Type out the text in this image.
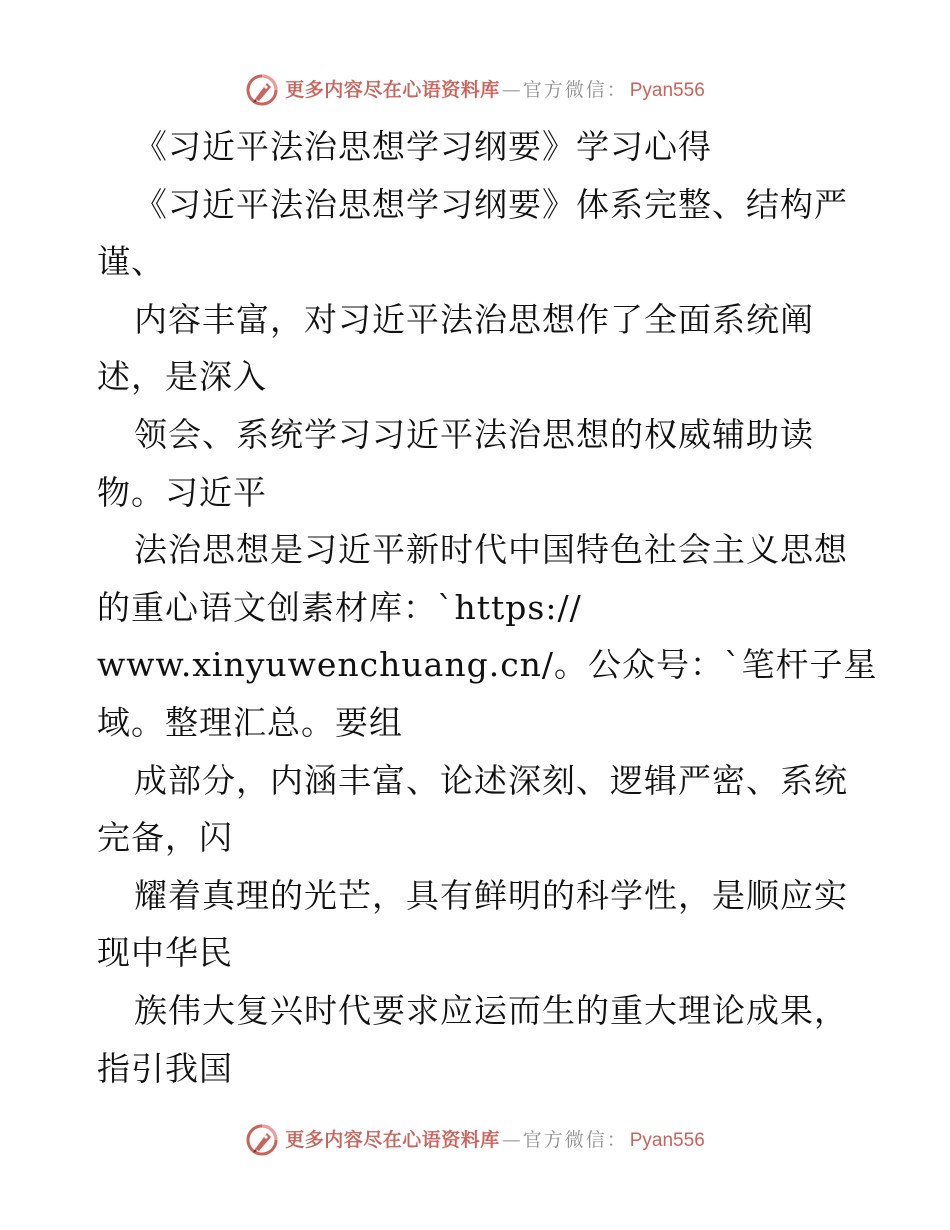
更多内容尽在心语资料库 — 官方微信： Pyan556
《习近平法治思想学习纲要》学习心得
《习近平法治思想学习纲要》体系完整、结构严
谨、
内容丰富，对习近平法治思想作了全面系统阐
述，是深入
领会、系统学习习近平法治思想的权威辅助读
物。习近平
法治思想是习近平新时代中国特色社会主义思想
的重心语文创素材库：`https://
www.xinyuwenchuang.cn/。公众号：`笔杆子星
域。整理汇总。要组
成部分，内涵丰富、论述深刻、逻辑严密、系统
完备，闪
耀着真理的光芒，具有鲜明的科学性，是顺应实
现中华民
族伟大复兴时代要求应运而生的重大理论成果，
指引我国
更多内容尽在心语资料库 — 官方微信： Pyan556
